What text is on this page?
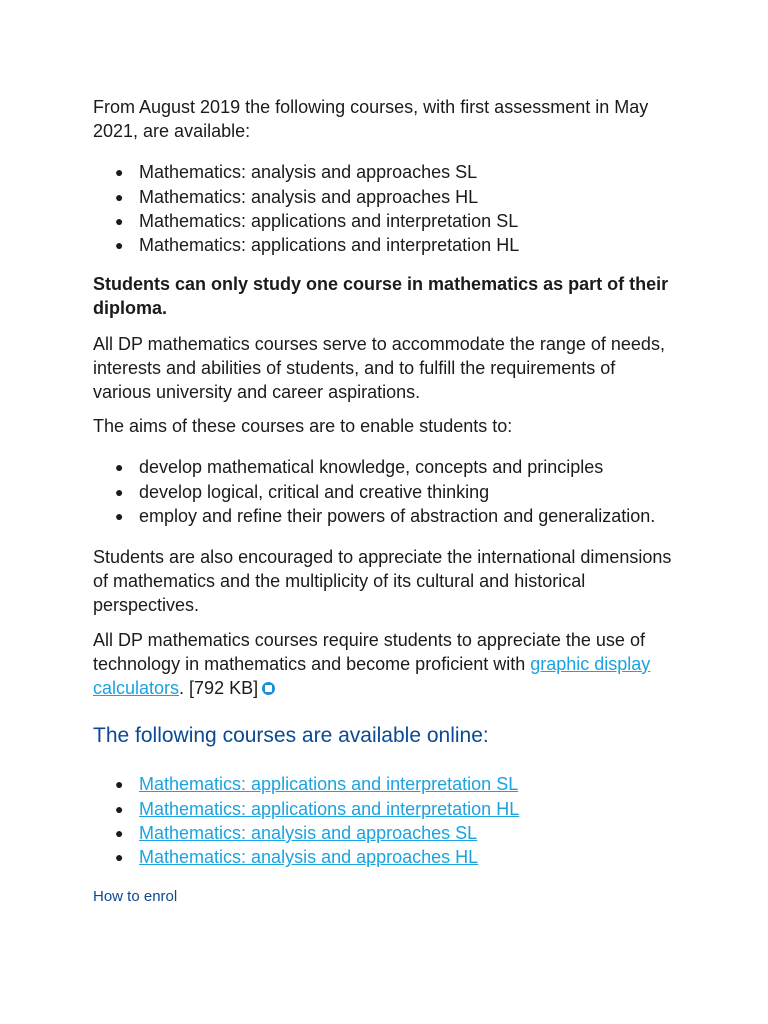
From August 2019 the following courses, with first assessment in May 2021, are available:

● Mathematics: analysis and approaches SL
● Mathematics: analysis and approaches HL
● Mathematics: applications and interpretation SL
● Mathematics: applications and interpretation HL

Students can only study one course in mathematics as part of their diploma.

All DP mathematics courses serve to accommodate the range of needs, interests and abilities of students, and to fulfill the requirements of various university and career aspirations.

The aims of these courses are to enable students to:

● develop mathematical knowledge, concepts and principles
● develop logical, critical and creative thinking
● employ and refine their powers of abstraction and generalization.

Students are also encouraged to appreciate the international dimensions of mathematics and the multiplicity of its cultural and historical perspectives.

All DP mathematics courses require students to appreciate the use of technology in mathematics and become proficient with graphic display calculators. [792 KB]

The following courses are available online:
● Mathematics: applications and interpretation SL
● Mathematics: applications and interpretation HL
● Mathematics: analysis and approaches SL
● Mathematics: analysis and approaches HL
How to enrol
